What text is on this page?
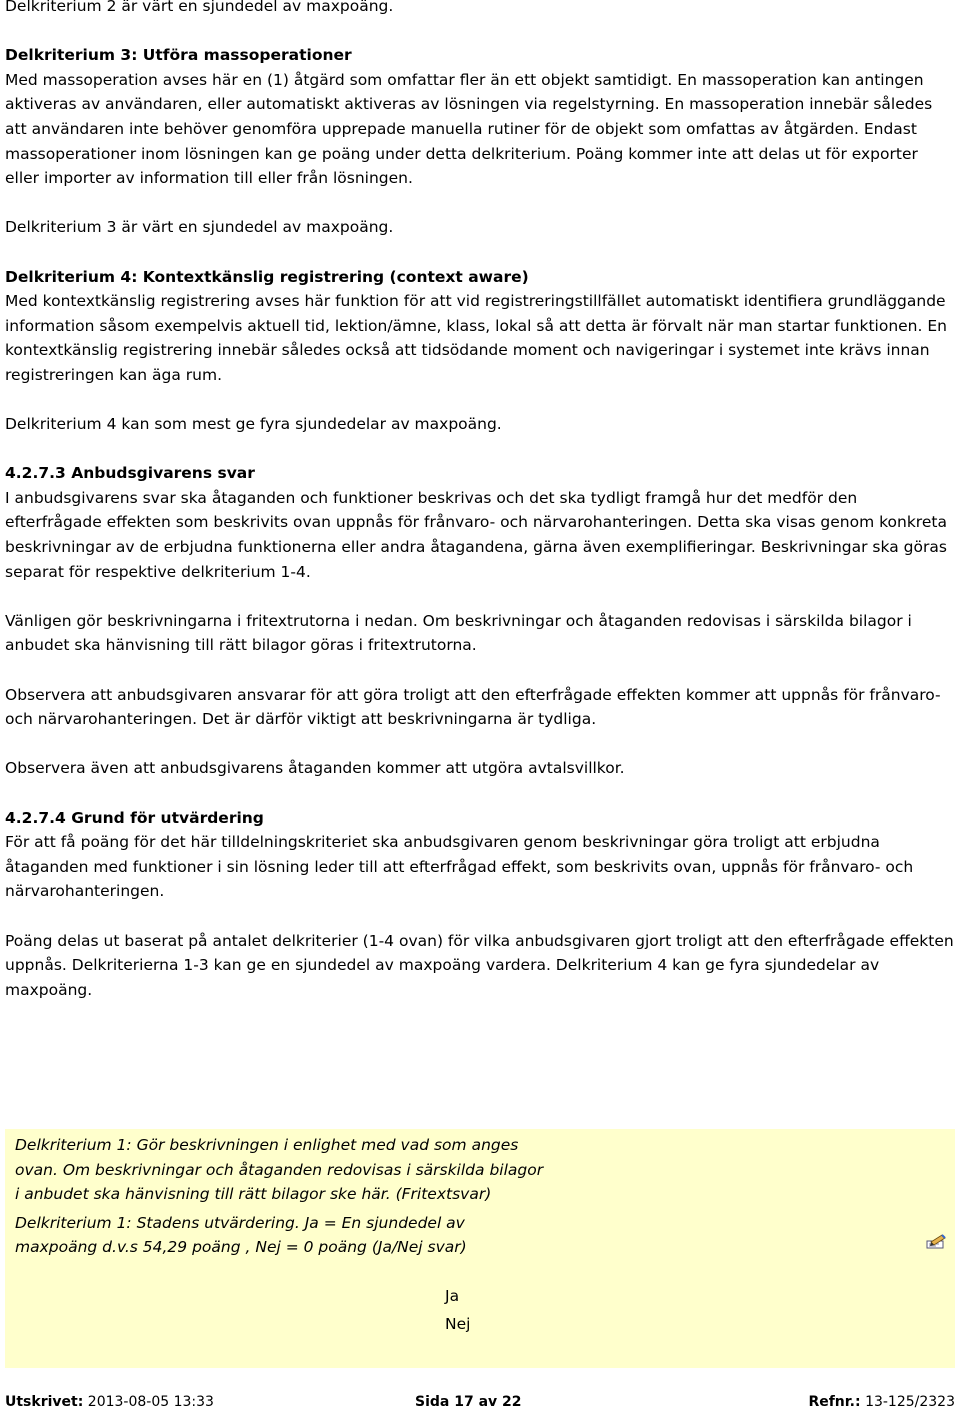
Delkriterium 2 är värt en sjundedel av maxpoäng.

Delkriterium 3: Utföra massoperationer
Med massoperation avses här en (1) åtgärd som omfattar fler än ett objekt samtidigt. En massoperation kan antingen aktiveras av användaren, eller automatiskt aktiveras av lösningen via regelstyrning. En massoperation innebär således att användaren inte behöver genomföra upprepade manuella rutiner för de objekt som omfattas av åtgärden. Endast massoperationer inom lösningen kan ge poäng under detta delkriterium. Poäng kommer inte att delas ut för exporter eller importer av information till eller från lösningen.

Delkriterium 3 är värt en sjundedel av maxpoäng.

Delkriterium 4: Kontextkänslig registrering (context aware)
Med kontextkänslig registrering avses här funktion för att vid registreringstillfället automatiskt identifiera grundläggande information såsom exempelvis aktuell tid, lektion/ämne, klass, lokal så att detta är förvalt när man startar funktionen. En kontextkänslig registrering innebär således också att tidsödande moment och navigeringar i systemet inte krävs innan registreringen kan äga rum.

Delkriterium 4 kan som mest ge fyra sjundedelar av maxpoäng.

4.2.7.3 Anbudsgivarens svar
I anbudsgivarens svar ska åtaganden och funktioner beskrivas och det ska tydligt framgå hur det medför den efterfrågade effekten som beskrivits ovan uppnås för frånvaro- och närvarohanteringen. Detta ska visas genom konkreta beskrivningar av de erbjudna funktionerna eller andra åtagandena, gärna även exemplifieringar. Beskrivningar ska göras separat för respektive delkriterium 1-4.

Vänligen gör beskrivningarna i fritextrutorna i nedan. Om beskrivningar och åtaganden redovisas i särskilda bilagor i anbudet ska hänvisning till rätt bilagor göras i fritextrutorna.

Observera att anbudsgivaren ansvarar för att göra troligt att den efterfrågade effekten kommer att uppnås för frånvaro- och närvarohanteringen. Det är därför viktigt att beskrivningarna är tydliga.

Observera även att anbudsgivarens åtaganden kommer att utgöra avtalsvillkor.

4.2.7.4 Grund för utvärdering
För att få poäng för det här tilldelningskriteriet ska anbudsgivaren genom beskrivningar göra troligt att erbjudna åtaganden med funktioner i sin lösning leder till att efterfrågad effekt, som beskrivits ovan, uppnås för frånvaro- och närvarohanteringen.

Poäng delas ut baserat på antalet delkriterier (1-4 ovan) för vilka anbudsgivaren gjort troligt att den efterfrågade effekten uppnås. Delkriterierna 1-3 kan ge en sjundedel av maxpoäng vardera. Delkriterium 4 kan ge fyra sjundedelar av maxpoäng.

Delkriterium 1: Gör beskrivningen i enlighet med vad som anges ovan. Om beskrivningar och åtaganden redovisas i särskilda bilagor i anbudet ska hänvisning till rätt bilagor ske här. (Fritextsvar)
Delkriterium 1: Stadens utvärdering. Ja = En sjundedel av maxpoäng d.v.s 54,29 poäng , Nej = 0 poäng (Ja/Nej svar)
Ja
Nej
Utskrivet: 2013-08-05 13:33	Sida 17 av 22	Refnr.: 13-125/2323
